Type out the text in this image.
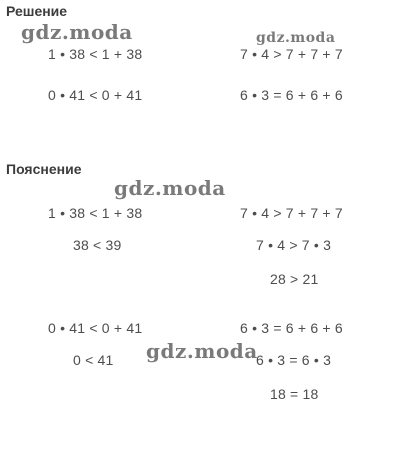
Решение
gdz.moda	gdz.moda
1 • 38 < 1 + 38	7 • 4 > 7 + 7 + 7
0 • 41 < 0 + 41	6 • 3 = 6 + 6 + 6
Пояснение
gdz.moda
1 • 38 < 1 + 38	7 • 4 > 7 + 7 + 7
38 < 39	7 • 4 > 7 • 3
28 > 21
0 • 41 < 0 + 41	6 • 3 = 6 + 6 + 6
0 < 41	6 • 3 = 6 • 3
18 = 18
gdz.moda
